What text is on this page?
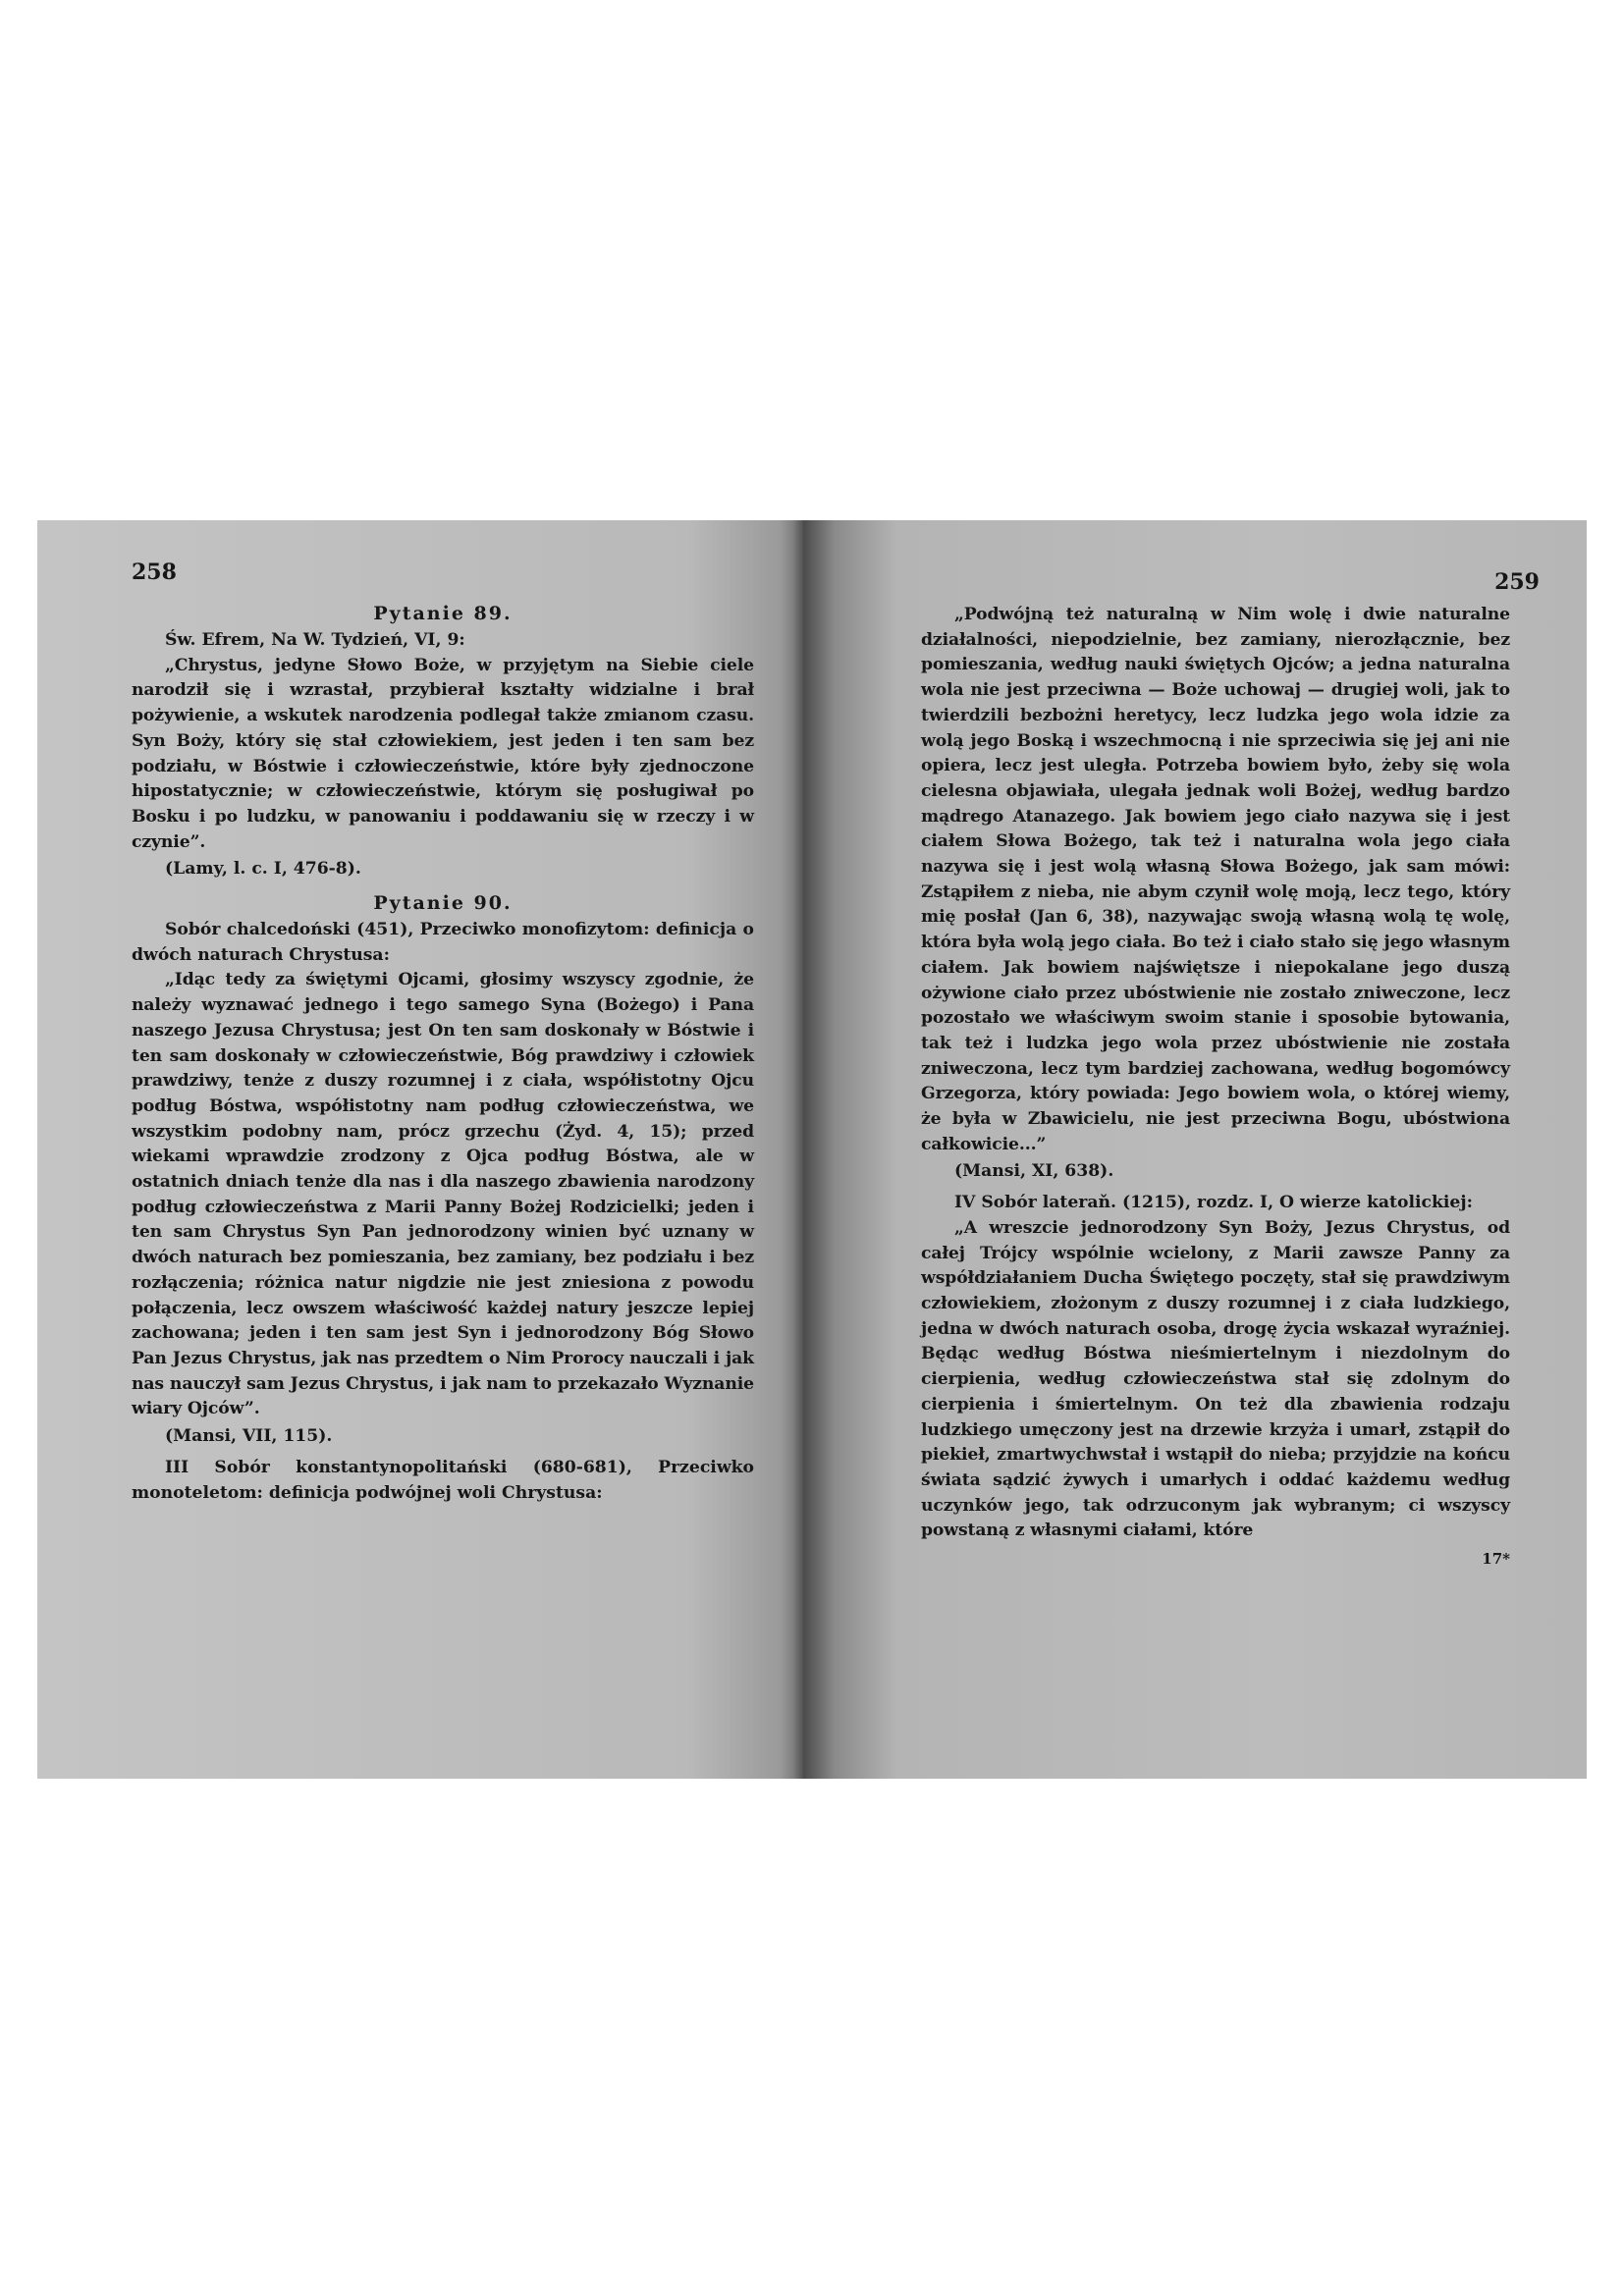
258
Pytanie 89.

Św. Efrem, Na W. Tydzień, VI, 9:

„Chrystus, jedyne Słowo Boże, w przyjętym na Siebie ciele narodził się i wzrastał, przybierał kształty widzialne i brał pożywienie, a wskutek narodzenia podlegał także zmianom czasu. Syn Boży, który się stał człowiekiem, jest jeden i ten sam bez podziału, w Bóstwie i człowieczeństwie, które były zjednoczone hipostatycznie; w człowieczeństwie, którym się posługiwał po Bosku i po ludzku, w panowaniu i poddawaniu się w rzeczy i w czynie”.

(Lamy, l. c. I, 476-8).

Pytanie 90.

Sobór chalcedoński (451), Przeciwko monofizytom: definicja o dwóch naturach Chrystusa:

„Idąc tedy za świętymi Ojcami, głosimy wszyscy zgodnie, że należy wyznawać jednego i tego samego Syna (Bożego) i Pana naszego Jezusa Chrystusa; jest On ten sam doskonały w Bóstwie i ten sam doskonały w człowieczeństwie, Bóg prawdziwy i człowiek prawdziwy, tenże z duszy rozumnej i z ciała, współistotny Ojcu podług Bóstwa, współistotny nam podług człowieczeństwa, we wszystkim podobny nam, prócz grzechu (Żyd. 4, 15); przed wiekami wprawdzie zrodzony z Ojca podług Bóstwa, ale w ostatnich dniach tenże dla nas i dla naszego zbawienia narodzony podług człowieczeństwa z Marii Panny Bożej Rodzicielki; jeden i ten sam Chrystus Syn Pan jednorodzony winien być uznany w dwóch naturach bez pomieszania, bez zamiany, bez podziału i bez rozłączenia; różnica natur nigdzie nie jest zniesiona z powodu połączenia, lecz owszem właściwość każdej natury jeszcze lepiej zachowana; jeden i ten sam jest Syn i jednorodzony Bóg Słowo Pan Jezus Chrystus, jak nas przedtem o Nim Prorocy nauczali i jak nas nauczył sam Jezus Chrystus, i jak nam to przekazało Wyznanie wiary Ojców”.

(Mansi, VII, 115).

III Sobór konstantynopolitański (680-681), Przeciwko monoteletom: definicja podwójnej woli Chrystusa:

259

„Podwójną też naturalną w Nim wolę i dwie naturalne działalności, niepodzielnie, bez zamiany, nierozłącznie, bez pomieszania, według nauki świętych Ojców; a jedna naturalna wola nie jest przeciwna — Boże uchowaj — drugiej woli, jak to twierdzili bezbożni heretycy, lecz ludzka jego wola idzie za wolą jego Boską i wszechmocną i nie sprzeciwia się jej ani nie opiera, lecz jest uległa. Potrzeba bowiem było, żeby się wola cielesna objawiała, ulegała jednak woli Bożej, według bardzo mądrego Atanazego. Jak bowiem jego ciało nazywa się i jest ciałem Słowa Bożego, tak też i naturalna wola jego ciała nazywa się i jest wolą własną Słowa Bożego, jak sam mówi: Zstąpiłem z nieba, nie abym czynił wolę moją, lecz tego, który mię posłał (Jan 6, 38), nazywając swoją własną wolą tę wolę, która była wolą jego ciała. Bo też i ciało stało się jego własnym ciałem. Jak bowiem najświętsze i niepokalane jego duszą ożywione ciało przez ubóstwienie nie zostało zniweczone, lecz pozostało we właściwym swoim stanie i sposobie bytowania, tak też i ludzka jego wola przez ubóstwienie nie została zniweczona, lecz tym bardziej zachowana, według bogomówcy Grzegorza, który powiada: Jego bowiem wola, o której wiemy, że była w Zbawicielu, nie jest przeciwna Bogu, ubóstwiona całkowicie...”

(Mansi, XI, 638).

IV Sobór lateraň. (1215), rozdz. I, O wierze katolickiej:

„A wreszcie jednorodzony Syn Boży, Jezus Chrystus, od całej Trójcy wspólnie wcielony, z Marii zawsze Panny za współdziałaniem Ducha Świętego poczęty, stał się prawdziwym człowiekiem, złożonym z duszy rozumnej i z ciała ludzkiego, jedna w dwóch naturach osoba, drogę życia wskazał wyraźniej. Będąc według Bóstwa nieśmiertelnym i niezdolnym do cierpienia, według człowieczeństwa stał się zdolnym do cierpienia i śmiertelnym. On też dla zbawienia rodzaju ludzkiego umęczony jest na drzewie krzyża i umarł, zstąpił do piekieł, zmartwychwstał i wstąpił do nieba; przyjdzie na końcu świata sądzić żywych i umarłych i oddać każdemu według uczynków jego, tak odrzuconym jak wybranym; ci wszyscy powstaną z własnymi ciałami, które

17*
